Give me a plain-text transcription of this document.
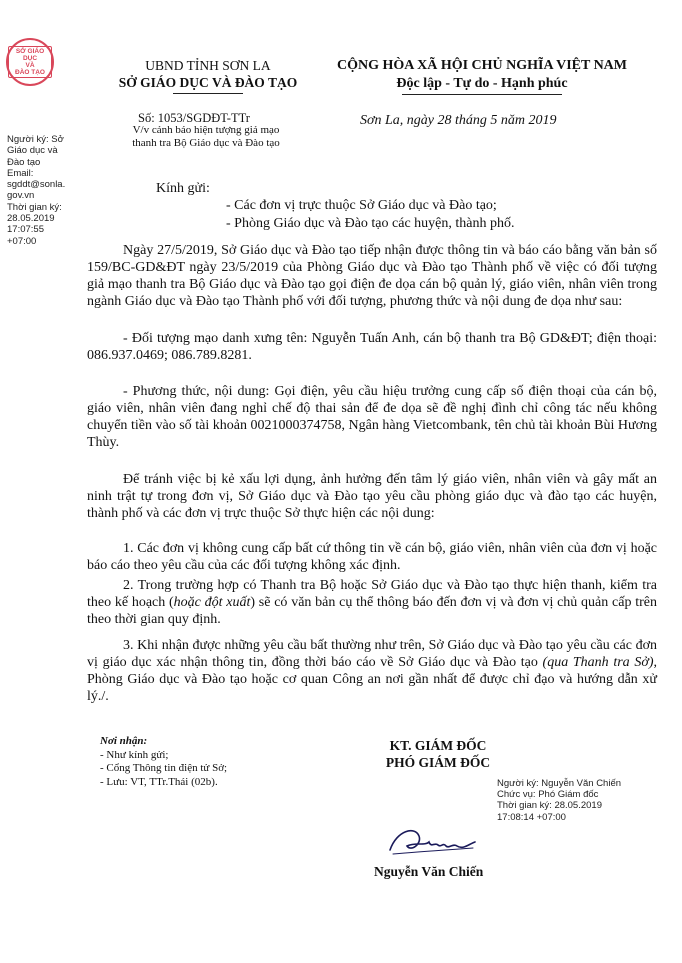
SỞ GIÁO DỤC
VÀ
ĐÀO TẠO	UBND TỈNH SƠN LA
SỞ GIÁO DỤC VÀ ĐÀO TẠO
CỘNG HÒA XÃ HỘI CHỦ NGHĨA VIỆT NAM
Độc lập - Tự do - Hạnh phúc
Số: 1053/SGDĐT-TTr
V/v cảnh báo hiện tượng giả mạo
thanh tra Bộ Giáo dục và Đào tạo
Sơn La, ngày 28 tháng 5 năm 2019
Người ký: Sở
Giáo dục và
Đào tạo
Email:
sgddt@sonla.
gov.vn
Thời gian ký:
28.05.2019
17:07:55
+07:00
Kính gửi:
- Các đơn vị trực thuộc Sở Giáo dục và Đào tạo;
- Phòng Giáo dục và Đào tạo các huyện, thành phố.
Ngày 27/5/2019, Sở Giáo dục và Đào tạo tiếp nhận được thông tin và báo cáo bằng văn bản số 159/BC-GD&ĐT ngày 23/5/2019 của Phòng Giáo dục và Đào tạo Thành phố về việc có đối tượng giả mạo thanh tra Bộ Giáo dục và Đào tạo gọi điện đe dọa cán bộ quản lý, giáo viên, nhân viên trong ngành Giáo dục và Đào tạo Thành phố với đối tượng, phương thức và nội dung đe dọa như sau:
- Đối tượng mạo danh xưng tên: Nguyễn Tuấn Anh, cán bộ thanh tra Bộ GD&ĐT; điện thoại: 086.937.0469; 086.789.8281.
- Phương thức, nội dung: Gọi điện, yêu cầu hiệu trưởng cung cấp số điện thoại của cán bộ, giáo viên, nhân viên đang nghỉ chế độ thai sản để đe dọa sẽ đề nghị đình chỉ công tác nếu không chuyển tiền vào số tài khoản 0021000374758, Ngân hàng Vietcombank, tên chủ tài khoản Bùi Hương Thùy.
Để tránh việc bị kẻ xấu lợi dụng, ảnh hưởng đến tâm lý giáo viên, nhân viên và gây mất an ninh trật tự trong đơn vị, Sở Giáo dục và Đào tạo yêu cầu phòng giáo dục và đào tạo các huyện, thành phố và các đơn vị trực thuộc Sở thực hiện các nội dung:
1. Các đơn vị không cung cấp bất cứ thông tin về cán bộ, giáo viên, nhân viên của đơn vị hoặc báo cáo theo yêu cầu của các đối tượng không xác định.
2. Trong trường hợp có Thanh tra Bộ hoặc Sở Giáo dục và Đào tạo thực hiện thanh, kiểm tra theo kế hoạch (hoặc đột xuất) sẽ có văn bản cụ thể thông báo đến đơn vị và đơn vị chủ quản cấp trên theo thời gian quy định.
3. Khi nhận được những yêu cầu bất thường như trên, Sở Giáo dục và Đào tạo yêu cầu các đơn vị giáo dục xác nhận thông tin, đồng thời báo cáo về Sở Giáo dục và Đào tạo (qua Thanh tra Sở), Phòng Giáo dục và Đào tạo hoặc cơ quan Công an nơi gần nhất để được chỉ đạo và hướng dẫn xử lý./.
Nơi nhận:
- Như kính gửi;
- Cổng Thông tin điện tử Sở;
- Lưu: VT, TTr.Thái (02b).
KT. GIÁM ĐỐC
PHÓ GIÁM ĐỐC
Người ký: Nguyễn Văn Chiến
Chức vụ: Phó Giám đốc
Thời gian ký: 28.05.2019
17:08:14 +07:00
Nguyễn Văn Chiến
